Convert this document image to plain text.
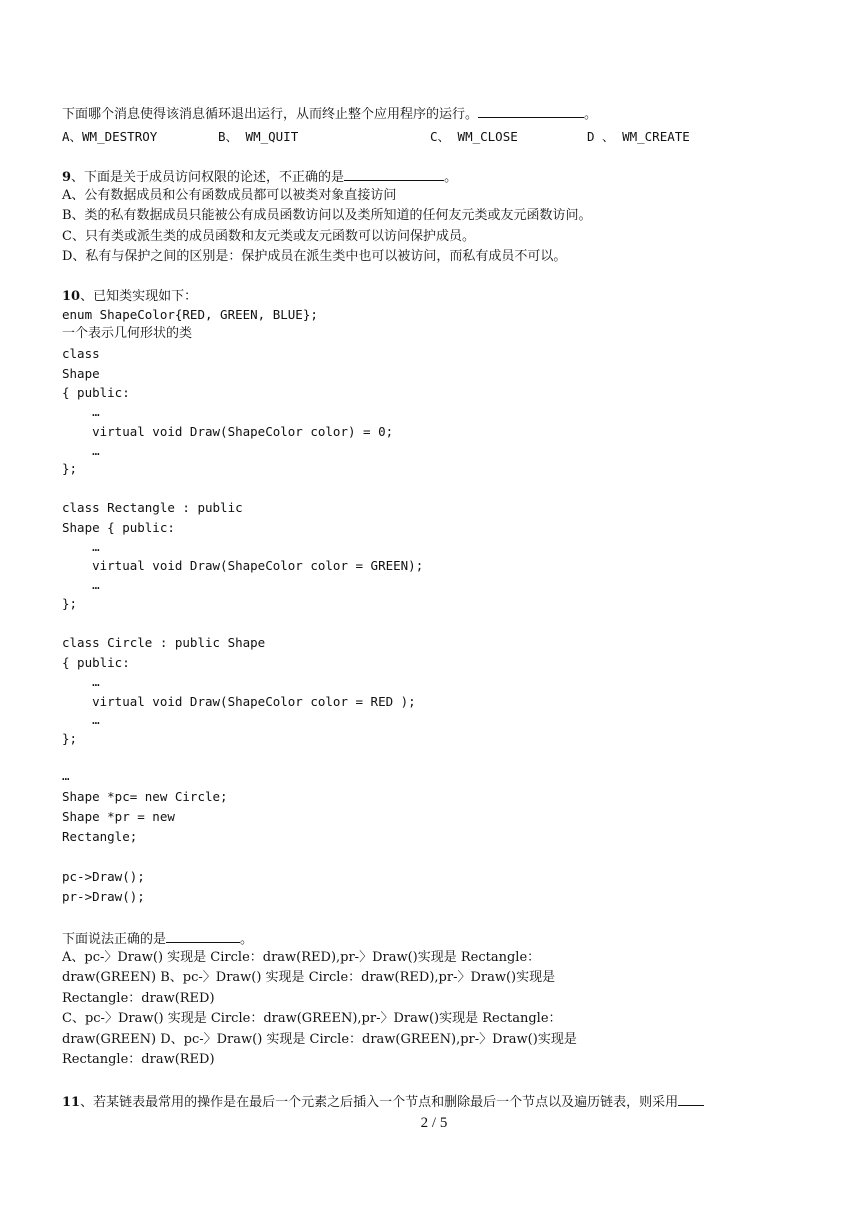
下面哪个消息使得该消息循环退出运行，从而终止整个应用程序的运行。	。
A、WM_DESTROY	B、 WM_QUIT	C、 WM_CLOSE	D 、 WM_CREATE
9、下面是关于成员访问权限的论述，不正确的是	。
A、公有数据成员和公有函数成员都可以被类对象直接访问
B、类的私有数据成员只能被公有成员函数访问以及类所知道的任何友元类或友元函数访问。
C、只有类或派生类的成员函数和友元类或友元函数可以访问保护成员。
D、私有与保护之间的区别是：保护成员在派生类中也可以被访问，而私有成员不可以。
10、已知类实现如下：
enum ShapeColor{RED, GREEN, BLUE};
一个表示几何形状的类
class
Shape
{ public:
…
virtual void Draw(ShapeColor color) = 0;
…
};
class Rectangle : public
Shape { public:
…
virtual void Draw(ShapeColor color = GREEN);
…
};
class Circle : public Shape
{ public:
…
virtual void Draw(ShapeColor color = RED );
…
};
…
Shape *pc= new Circle;
Shape *pr = new
Rectangle;
pc->Draw();
pr->Draw();
下面说法正确的是	。
A、pc-〉Draw() 实现是 Circle：draw(RED),pr-〉Draw()实现是 Rectangle：
draw(GREEN) B、pc-〉Draw() 实现是 Circle：draw(RED),pr-〉Draw()实现是
Rectangle：draw(RED)
C、pc-〉Draw() 实现是 Circle：draw(GREEN),pr-〉Draw()实现是 Rectangle：
draw(GREEN) D、pc-〉Draw() 实现是 Circle：draw(GREEN),pr-〉Draw()实现是
Rectangle：draw(RED)
11、若某链表最常用的操作是在最后一个元素之后插入一个节点和删除最后一个节点以及遍历链表，则采用
2 / 5
